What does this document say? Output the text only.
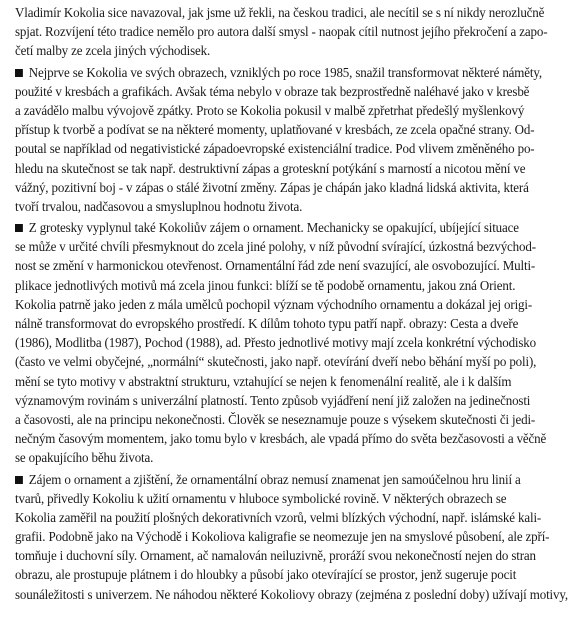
Vladimír Kokolia sice navazoval, jak jsme už řekli, na českou tradici, ale necítil se s ní nikdy nerozlučně
spjat. Rozvíjení této tradice nemělo pro autora další smysl - naopak cítil nutnost jejího překročení a zapo-
četí malby ze zcela jiných východisek.
Nejprve se Kokolia ve svých obrazech, vzniklých po roce 1985, snažil transformovat některé náměty,
použité v kresbách a grafikách. Avšak téma nebylo v obraze tak bezprostředně naléhavé jako v kresbě
a zavádělo malbu vývojově zpátky. Proto se Kokolia pokusil v malbě zpřetrhat předešlý myšlenkový
přístup k tvorbě a podívat se na některé momenty, uplatňované v kresbách, ze zcela opačné strany. Od-
poutal se například od negativistické západoevropské existenciální tradice. Pod vlivem změněného po-
hledu na skutečnost se tak např. destruktivní zápas a groteskní potýkání s marností a nicotou mění ve
vážný, pozitivní boj - v zápas o stálé životní změny. Zápas je chápán jako kladná lidská aktivita, která
tvoří trvalou, nadčasovou a smysluplnou hodnotu života.
Z grotesky vyplynul také Kokoliův zájem o ornament. Mechanicky se opakující, ubíjející situace
se může v určité chvíli přesmyknout do zcela jiné polohy, v níž původní svírající, úzkostná bezvýchod-
nost se změní v harmonickou otevřenost. Ornamentální řád zde není svazující, ale osvobozující. Multi-
plikace jednotlivých motivů má zcela jinou funkci: blíží se tě podobě ornamentu, jakou zná Orient.
Kokolia patrně jako jeden z mála umělců pochopil význam východního ornamentu a dokázal jej origi-
nálně transformovat do evropského prostředí. K dílům tohoto typu patří např. obrazy: Cesta a dveře
(1986), Modlitba (1987), Pochod (1988), ad. Přesto jednotlivé motivy mají zcela konkrétní východisko
(často ve velmi obyčejné, „normální“ skutečnosti, jako např. otevírání dveří nebo běhání myší po poli),
mění se tyto motivy v abstraktní strukturu, vztahující se nejen k fenomenální realitě, ale i k dalším
významovým rovinám s univerzální platností. Tento způsob vyjádření není již založen na jedinečnosti
a časovosti, ale na principu nekonečnosti. Člověk se neseznamuje pouze s výsekem skutečnosti či jedi-
nečným časovým momentem, jako tomu bylo v kresbách, ale vpadá přímo do světa bezčasovosti a věčně
se opakujícího běhu života.
Zájem o ornament a zjištění, že ornamentální obraz nemusí znamenat jen samoúčelnou hru linií a
tvarů, přivedly Kokoliu k užití ornamentu v hluboce symbolické rovině. V některých obrazech se
Kokolia zaměřil na použití plošných dekorativních vzorů, velmi blízkých východní, např. islámské kali-
grafii. Podobně jako na Východě i Kokoliova kaligrafie se neomezuje jen na smyslové působení, ale zpří-
tomňuje i duchovní síly. Ornament, ač namalován neiluzivně, proráží svou nekonečností nejen do stran
obrazu, ale prostupuje plátnem i do hloubky a působí jako otevírající se prostor, jenž sugeruje pocit
sounáležitosti s univerzem. Ne náhodou některé Kokoliovy obrazy (zejména z poslední doby) užívají motivy,
